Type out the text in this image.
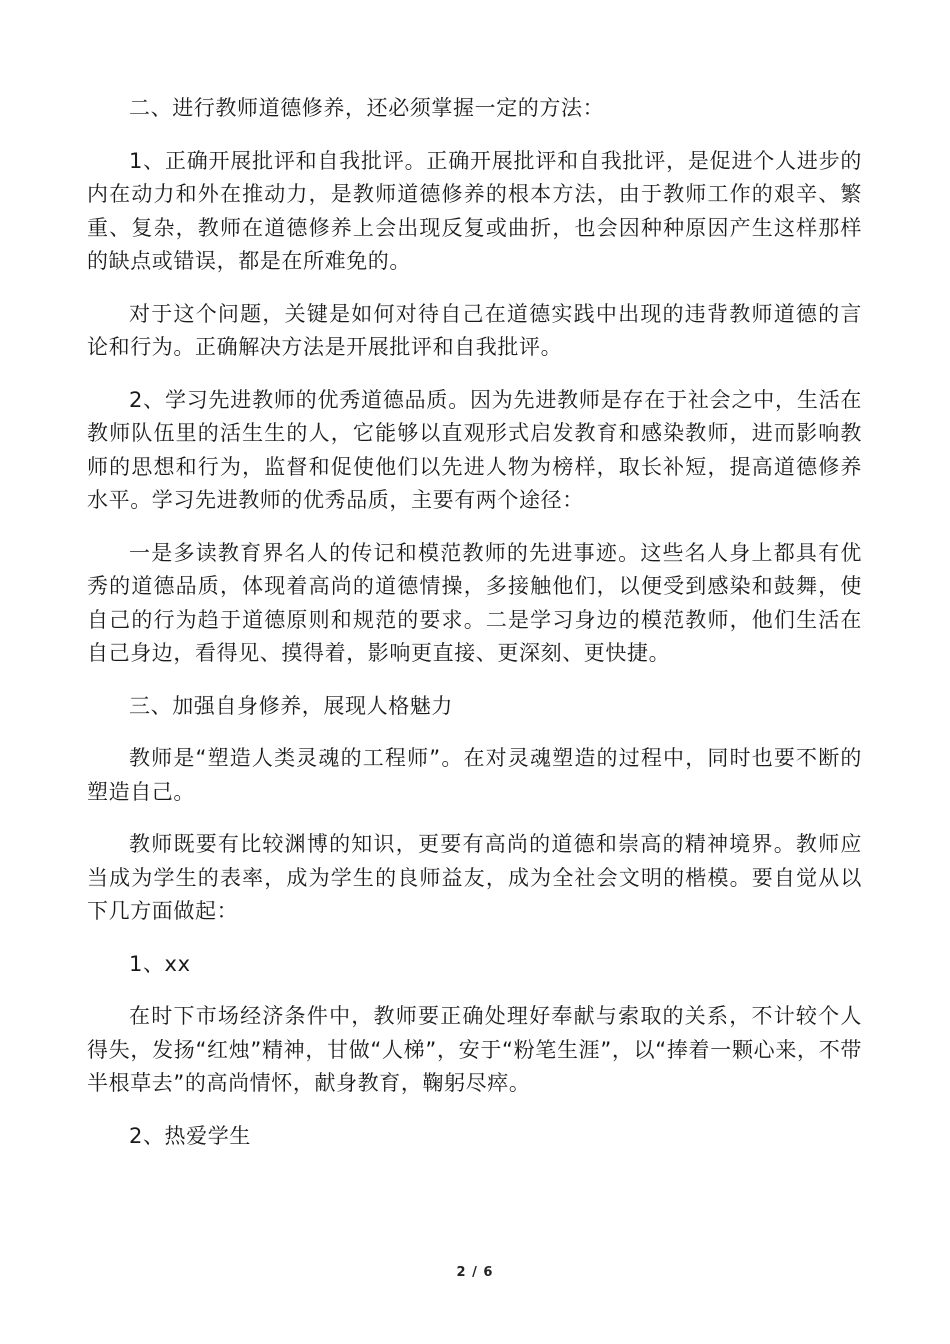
二、进行教师道德修养，还必须掌握一定的方法：

1、正确开展批评和自我批评。正确开展批评和自我批评，是促进个人进步的内在动力和外在推动力，是教师道德修养的根本方法，由于教师工作的艰辛、繁重、复杂，教师在道德修养上会出现反复或曲折，也会因种种原因产生这样那样的缺点或错误，都是在所难免的。

对于这个问题，关键是如何对待自己在道德实践中出现的违背教师道德的言论和行为。正确解决方法是开展批评和自我批评。

2、学习先进教师的优秀道德品质。因为先进教师是存在于社会之中，生活在教师队伍里的活生生的人，它能够以直观形式启发教育和感染教师，进而影响教师的思想和行为，监督和促使他们以先进人物为榜样，取长补短，提高道德修养水平。学习先进教师的优秀品质，主要有两个途径：

一是多读教育界名人的传记和模范教师的先进事迹。这些名人身上都具有优秀的道德品质，体现着高尚的道德情操，多接触他们，以便受到感染和鼓舞，使自己的行为趋于道德原则和规范的要求。二是学习身边的模范教师，他们生活在自己身边，看得见、摸得着，影响更直接、更深刻、更快捷。

三、加强自身修养，展现人格魅力

教师是“塑造人类灵魂的工程师”。在对灵魂塑造的过程中，同时也要不断的塑造自己。

教师既要有比较渊博的知识，更要有高尚的道德和崇高的精神境界。教师应当成为学生的表率，成为学生的良师益友，成为全社会文明的楷模。要自觉从以下几方面做起：

1、xx

在时下市场经济条件中，教师要正确处理好奉献与索取的关系，不计较个人得失，发扬“红烛”精神，甘做“人梯”，安于“粉笔生涯”，以“捧着一颗心来，不带半根草去”的高尚情怀，献身教育，鞠躬尽瘁。

2、热爱学生

2 / 6
